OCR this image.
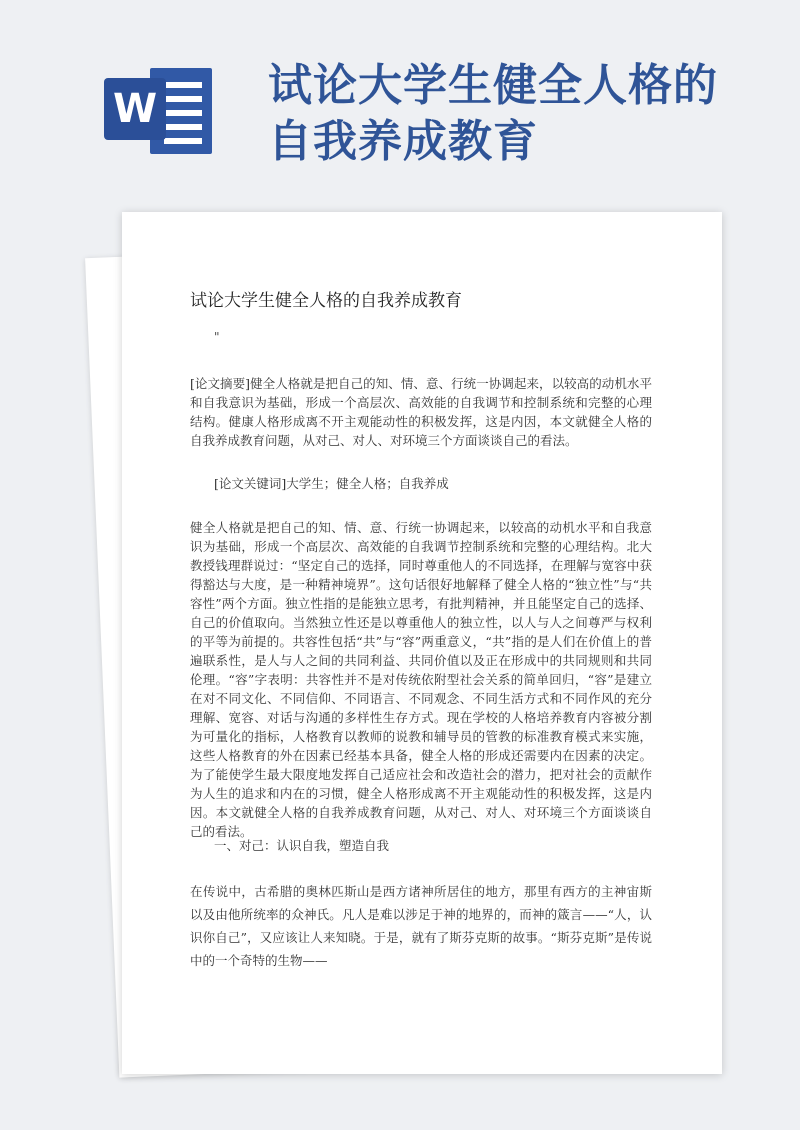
W	试论大学生健全人格的
自我养成教育
试论大学生健全人格的自我养成教育
"
[论文摘要]健全人格就是把自己的知、情、意、行统一协调起来，以较高的动机水平和自我意识为基础，形成一个高层次、高效能的自我调节和控制系统和完整的心理结构。健康人格形成离不开主观能动性的积极发挥，这是内因，本文就健全人格的自我养成教育问题，从对己、对人、对环境三个方面谈谈自己的看法。
[论文关键词]大学生；健全人格；自我养成
健全人格就是把自己的知、情、意、行统一协调起来，以较高的动机水平和自我意识为基础，形成一个高层次、高效能的自我调节控制系统和完整的心理结构。北大教授钱理群说过：“坚定自己的选择，同时尊重他人的不同选择，在理解与宽容中获得豁达与大度，是一种精神境界”。这句话很好地解释了健全人格的“独立性”与“共容性”两个方面。独立性指的是能独立思考，有批判精神，并且能坚定自己的选择、自己的价值取向。当然独立性还是以尊重他人的独立性，以人与人之间尊严与权利的平等为前提的。共容性包括“共”与“容”两重意义，“共”指的是人们在价值上的普遍联系性，是人与人之间的共同利益、共同价值以及正在形成中的共同规则和共同伦理。“容”字表明：共容性并不是对传统依附型社会关系的简单回归，“容”是建立在对不同文化、不同信仰、不同语言、不同观念、不同生活方式和不同作风的充分理解、宽容、对话与沟通的多样性生存方式。现在学校的人格培养教育内容被分割为可量化的指标，人格教育以教师的说教和辅导员的管教的标准教育模式来实施，这些人格教育的外在因素已经基本具备，健全人格的形成还需要内在因素的决定。为了能使学生最大限度地发挥自己适应社会和改造社会的潜力，把对社会的贡献作为人生的追求和内在的习惯，健全人格形成离不开主观能动性的积极发挥，这是内因。本文就健全人格的自我养成教育问题，从对己、对人、对环境三个方面谈谈自己的看法。
一、对己：认识自我，塑造自我
在传说中，古希腊的奥林匹斯山是西方诸神所居住的地方，那里有西方的主神宙斯以及由他所统率的众神氏。凡人是难以涉足于神的地界的，而神的箴言——“人，认识你自己”，又应该让人来知晓。于是，就有了斯芬克斯的故事。“斯芬克斯”是传说中的一个奇特的生物——
